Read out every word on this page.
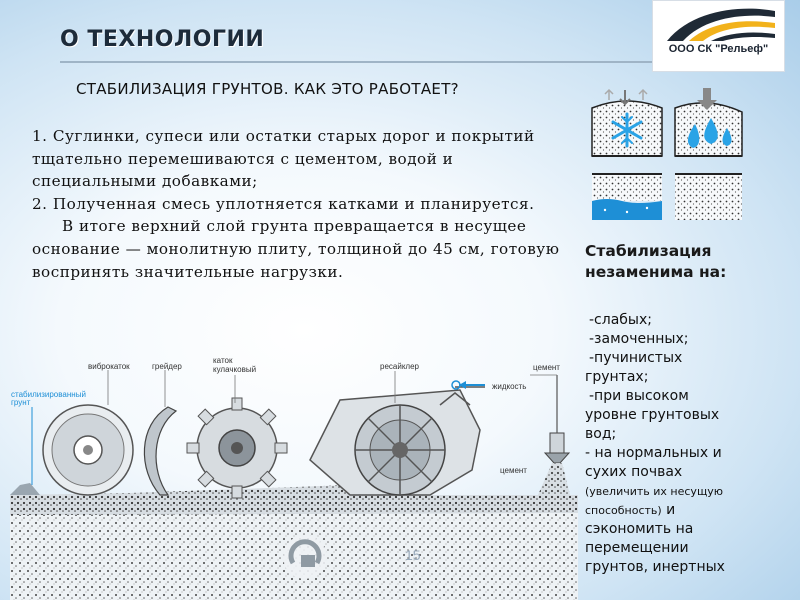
О ТЕХНОЛОГИИ	ООО СК "Рельеф"
СТАБИЛИЗАЦИЯ ГРУНТОВ. КАК ЭТО РАБОТАЕТ?

1. Суглинки, супеси или остатки старых дорог и покрытий тщательно перемешиваются с цементом, водой и специальными добавками;

2. Полученная смесь уплотняется катками и планируется.

В итоге верхний слой грунта превращается в несущее основание — монолитную плиту, толщиной до 45 см, готовую воспринять значительные нагрузки.

Стабилизация
незаменима на:
-слабых;
-замоченных;
-пучинистых
грунтах;
-при высоком
уровне грунтовых
вод;
- на нормальных и
сухих почвах
(увеличить их несущую
способность) и
сэкономить на
перемещении
грунтов, инертных
стабилизированный грунт
виброкаток	грейдер
каток
кулачковый	ресайклер	цемент
жидкость
цемент
15
